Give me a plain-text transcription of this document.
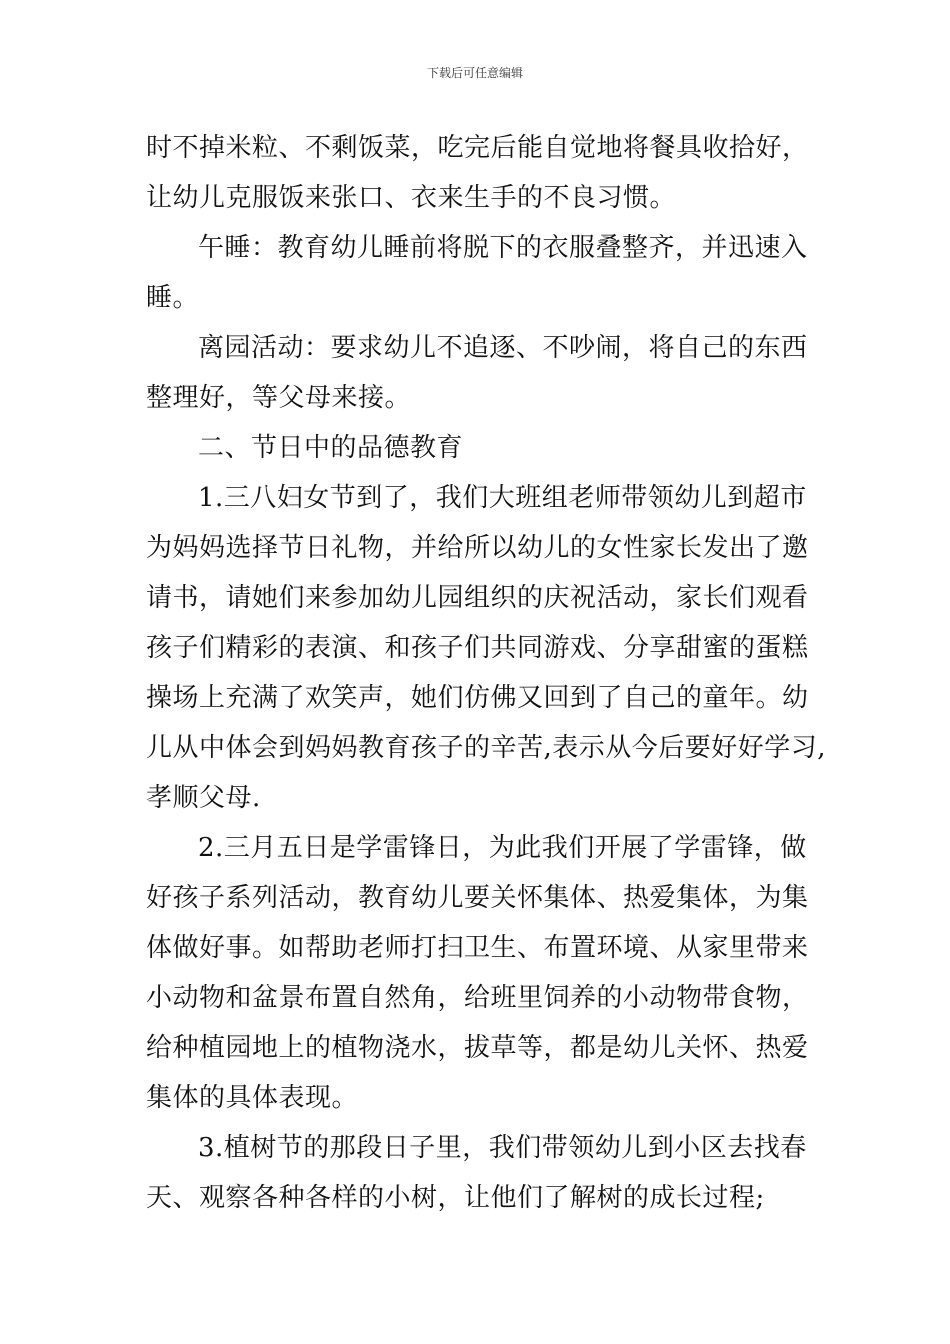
下载后可任意编辑
时不掉米粒、不剩饭菜，吃完后能自觉地将餐具收拾好，
让幼儿克服饭来张口、衣来生手的不良习惯。
午睡：教育幼儿睡前将脱下的衣服叠整齐，并迅速入
睡。
离园活动：要求幼儿不追逐、不吵闹，将自己的东西
整理好，等父母来接。
二、节日中的品德教育
1.三八妇女节到了，我们大班组老师带领幼儿到超市
为妈妈选择节日礼物，并给所以幼儿的女性家长发出了邀
请书，请她们来参加幼儿园组织的庆祝活动，家长们观看
孩子们精彩的表演、和孩子们共同游戏、分享甜蜜的蛋糕
操场上充满了欢笑声，她们仿佛又回到了自己的童年。幼
儿从中体会到妈妈教育孩子的辛苦,表示从今后要好好学习,
孝顺父母.
2.三月五日是学雷锋日，为此我们开展了学雷锋，做
好孩子系列活动，教育幼儿要关怀集体、热爱集体，为集
体做好事。如帮助老师打扫卫生、布置环境、从家里带来
小动物和盆景布置自然角，给班里饲养的小动物带食物，
给种植园地上的植物浇水，拔草等，都是幼儿关怀、热爱
集体的具体表现。
3.植树节的那段日子里，我们带领幼儿到小区去找春
天、观察各种各样的小树，让他们了解树的成长过程;
